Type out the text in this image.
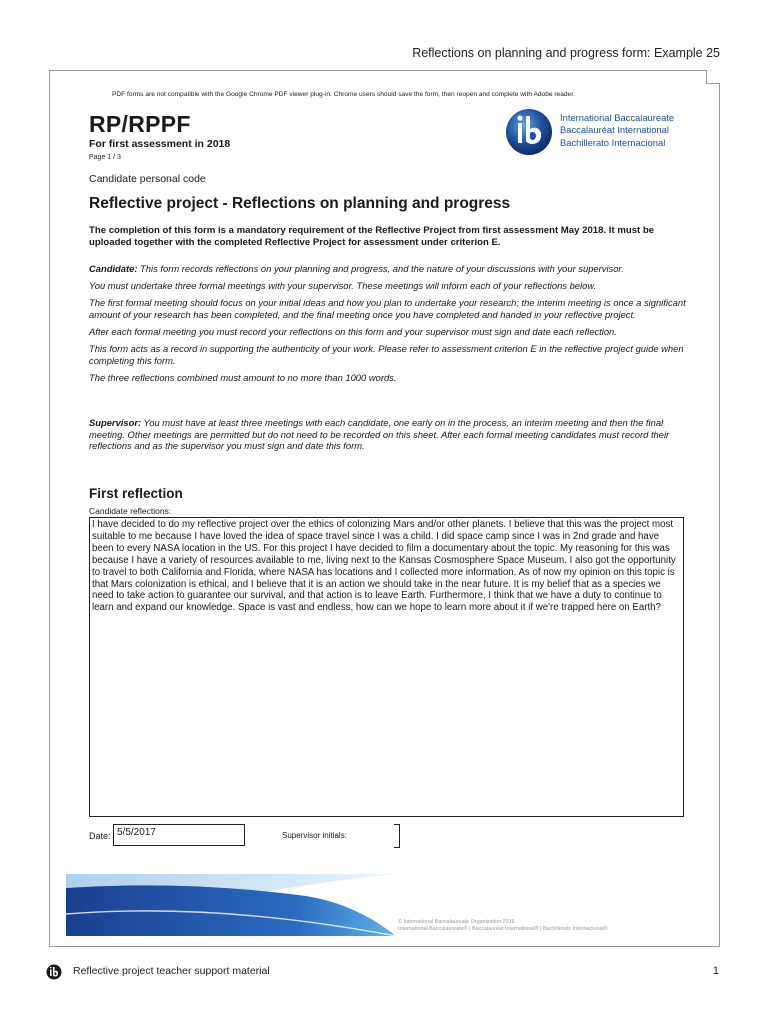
Reflections on planning and progress form: Example 25
PDF forms are not compatible with the Google Chrome PDF viewer plug-in. Chrome users should save the form, then reopen and complete with Adobe reader.
RP/RPPF
For first assessment in 2018
Page 1 / 3
International Baccalaureate
Baccalauréat International
Bachillerato Internacional
Candidate personal code
Reflective project - Reflections on planning and progress
The completion of this form is a mandatory requirement of the Reflective Project from first assessment May 2018. It must be uploaded together with the completed Reflective Project for assessment under criterion E.

Candidate: This form records reflections on your planning and progress, and the nature of your discussions with your supervisor.

You must undertake three formal meetings with your supervisor. These meetings will inform each of your reflections below.

The first formal meeting should focus on your initial ideas and how you plan to undertake your research; the interim meeting is once a significant amount of your research has been completed, and the final meeting once you have completed and handed in your reflective project.

After each formal meeting you must record your reflections on this form and your supervisor must sign and date each reflection.

This form acts as a record in supporting the authenticity of your work. Please refer to assessment criterion E in the reflective project guide when completing this form.

The three reflections combined must amount to no more than 1000 words.

Supervisor: You must have at least three meetings with each candidate, one early on in the process, an interim meeting and then the final meeting. Other meetings are permitted but do not need to be recorded on this sheet. After each formal meeting candidates must record their reflections and as the supervisor you must sign and date this form.
First reflection
Candidate reflections:
I have decided to do my reflective project over the ethics of colonizing Mars and/or other planets. I believe that this was the project most suitable to me because I have loved the idea of space travel since I was a child. I did space camp since I was in 2nd grade and have been to every NASA location in the US. For this project I have decided to film a documentary about the topic. My reasoning for this was because I have a variety of resources available to me, living next to the Kansas Cosmosphere Space Museum. I also got the opportunity to travel to both California and Florida, where NASA has locations and I collected more information. As of now my opinion on this topic is that Mars colonization is ethical, and I believe that it is an action we should take in the near future. It is my belief that as a species we need to take action to guarantee our survival, and that action is to leave Earth. Furthermore, I think that we have a duty to continue to learn and expand our knowledge. Space is vast and endless, how can we hope to learn more about it if we're trapped here on Earth?
Date: 5/5/2017	Supervisor initials:
© International Baccalaureate Organization 2016
International Baccalaureate® | Baccalauréat International® | Bachillerato Internacional®
Reflective project teacher support material	1
